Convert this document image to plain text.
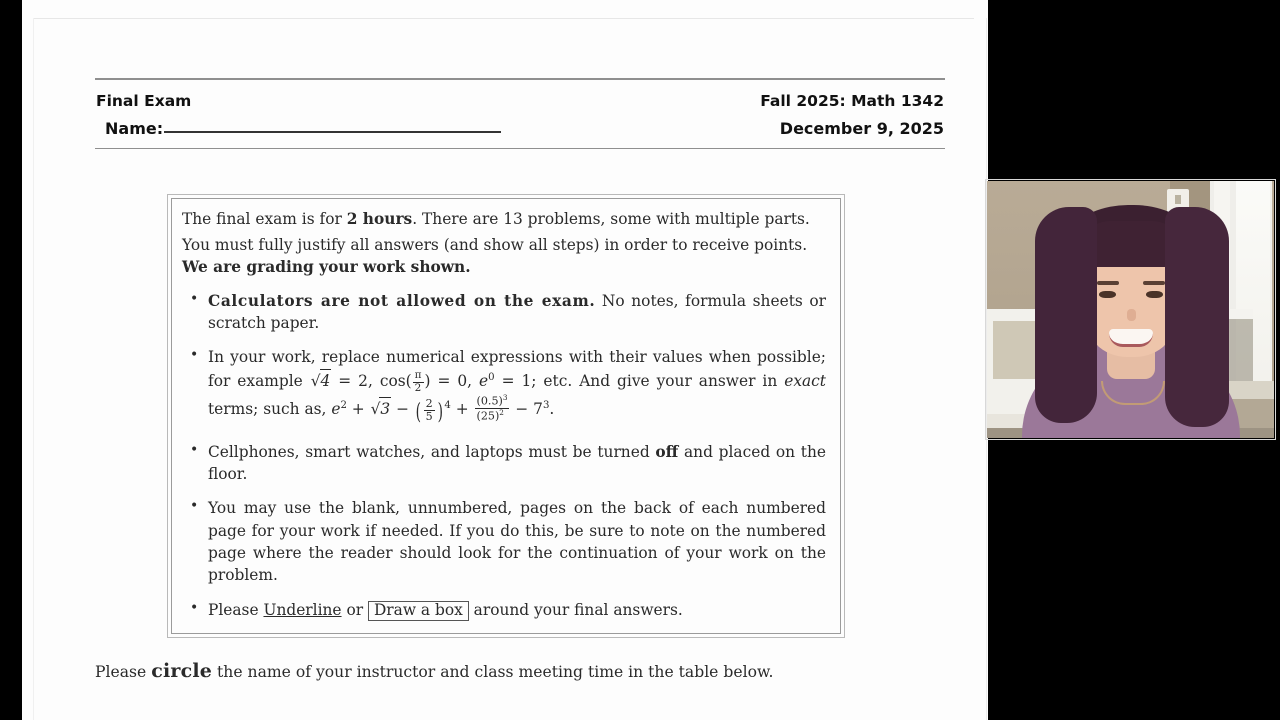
Final Exam	Fall 2025: Math 1342
Name:	December 9, 2025

The final exam is for 2 hours. There are 13 problems, some with multiple parts.

You must fully justify all answers (and show all steps) in order to receive points.
We are grading your work shown.

• Calculators are not allowed on the exam. No notes, formula sheets or scratch paper.
• In your work, replace numerical expressions with their values when possible; for example √4 = 2, $\cos( \frac{\pi}{2}$ ) = 0, $e^0 = 1$; etc. And give your answer in exact terms; such as, $e^2 + √3$ − ( $\frac{2}{5}$ ) $^4 + \frac{(0.5)^3}{(25)^2} - 7^3$.
• Cellphones, smart watches, and laptops must be turned off and placed on the floor.
• You may use the blank, unnumbered, pages on the back of each numbered page for your work if needed. If you do this, be sure to note on the numbered page where the reader should look for the continuation of your work on the problem.
• Please Underline or Draw a box around your final answers.
Please circle the name of your instructor and class meeting time in the table below.
